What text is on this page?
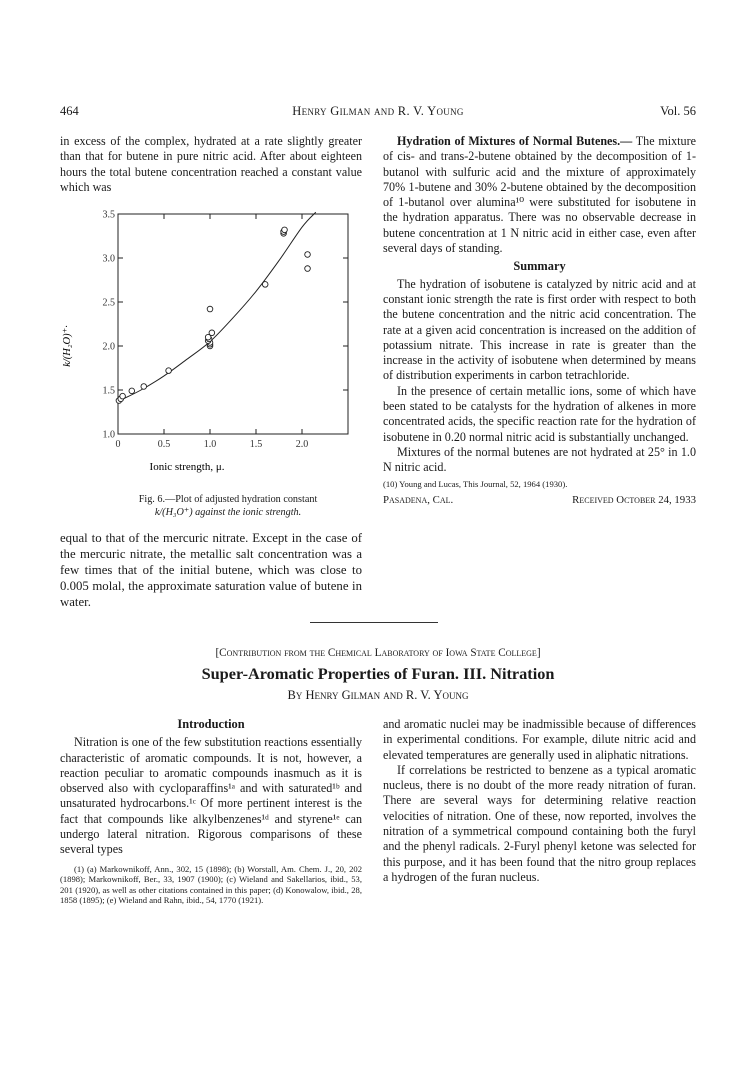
464	Henry Gilman and R. V. Young	Vol. 56

in excess of the complex, hydrated at a rate slightly greater than that for butene in pure nitric acid. After about eighteen hours the total butene concentration reached a constant value which was

0	0.5	1.0	1.5	2.0
3.5
3.0
2.5
2.0
1.5
1.0
k/(H₂O)⁺·
Ionic strength, μ.
Fig. 6.—Plot of adjusted hydration constant
k/(H₃O⁺) against the ionic strength.

equal to that of the mercuric nitrate. Except in the case of the mercuric nitrate, the metallic salt concentration was a few times that of the initial butene, which was close to 0.005 molal, the approximate saturation value of butene in water.

Hydration of Mixtures of Normal Butenes.— The mixture of cis- and trans-2-butene obtained by the decomposition of 1-butanol with sulfuric acid and the mixture of approximately 70% 1-butene and 30% 2-butene obtained by the decomposition of 1-butanol over alumina¹⁰ were substituted for isobutene in the hydration apparatus. There was no observable decrease in butene concentration at 1 N nitric acid in either case, even after several days of standing.

Summary

The hydration of isobutene is catalyzed by nitric acid and at constant ionic strength the rate is first order with respect to both the butene concentration and the nitric acid concentration. The rate at a given acid concentration is increased on the addition of potassium nitrate. This increase in rate is greater than the increase in the activity of isobutene when determined by means of distribution experiments in carbon tetrachloride.

In the presence of certain metallic ions, some of which have been stated to be catalysts for the hydration of alkenes in more concentrated acids, the specific reaction rate for the hydration of isobutene in 0.20 normal nitric acid is substantially unchanged.

Mixtures of the normal butenes are not hydrated at 25° in 1.0 N nitric acid.

(10) Young and Lucas, This Journal, 52, 1964 (1930).

Pasadena, Cal.	Received October 24, 1933
[Contribution from the Chemical Laboratory of Iowa State College]
Super-Aromatic Properties of Furan. III. Nitration
By Henry Gilman and R. V. Young

Introduction

Nitration is one of the few substitution reactions essentially characteristic of aromatic compounds. It is not, however, a reaction peculiar to aromatic compounds inasmuch as it is observed also with cycloparaffins¹ᵃ and with saturated¹ᵇ and unsaturated hydrocarbons.¹ᶜ Of more pertinent interest is the fact that compounds like alkylbenzenes¹ᵈ and styrene¹ᵉ can undergo lateral nitration. Rigorous comparisons of these several types

(1) (a) Markownikoff, Ann., 302, 15 (1898); (b) Worstall, Am. Chem. J., 20, 202 (1898); Markownikoff, Ber., 33, 1907 (1900); (c) Wieland and Sakellarios, ibid., 53, 201 (1920), as well as other citations contained in this paper; (d) Konowalow, ibid., 28, 1858 (1895); (e) Wieland and Rahn, ibid., 54, 1770 (1921).

and aromatic nuclei may be inadmissible because of differences in experimental conditions. For example, dilute nitric acid and elevated temperatures are generally used in aliphatic nitrations.

If correlations be restricted to benzene as a typical aromatic nucleus, there is no doubt of the more ready nitration of furan. There are several ways for determining relative reaction velocities of nitration. One of these, now reported, involves the nitration of a symmetrical compound containing both the furyl and the phenyl radicals. 2-Furyl phenyl ketone was selected for this purpose, and it has been found that the nitro group replaces a hydrogen of the furan nucleus.
